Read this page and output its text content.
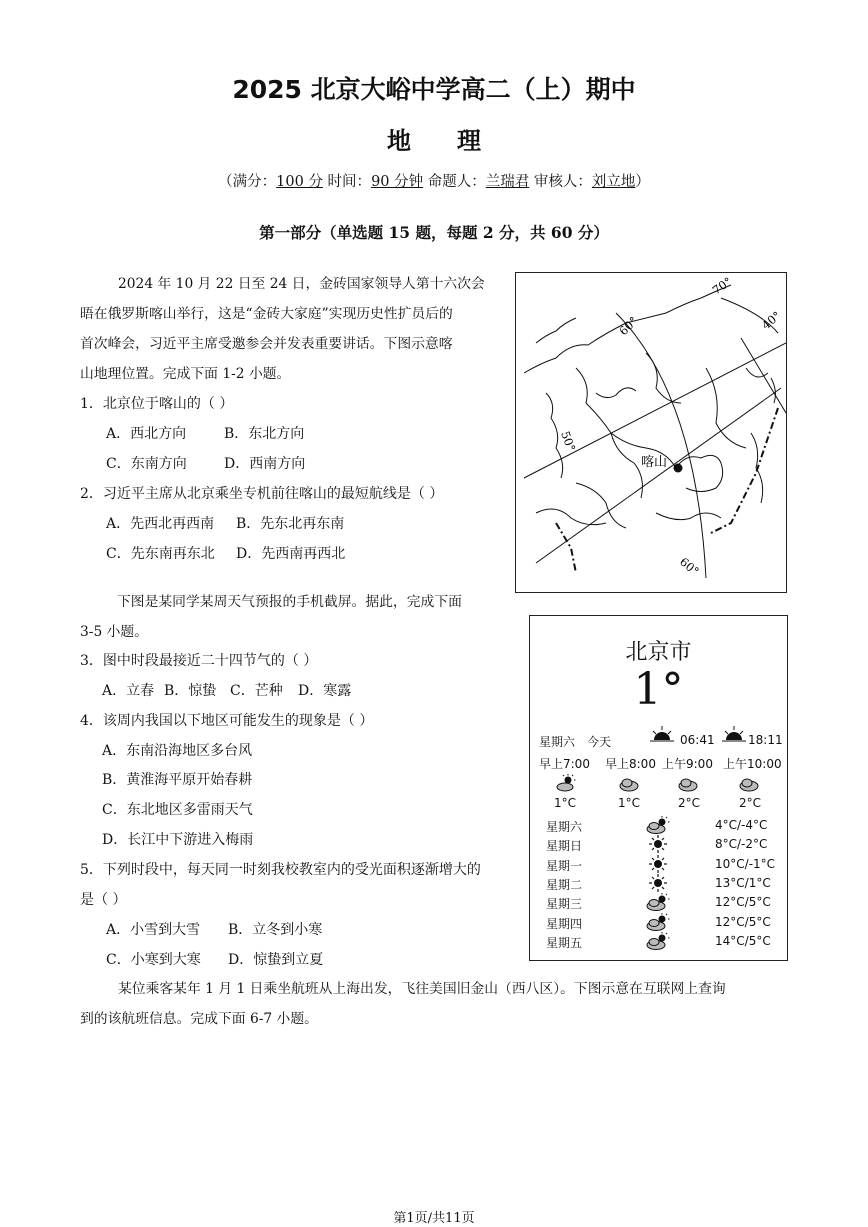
2025 北京大峪中学高二（上）期中
地理
（满分：100 分 时间：90 分钟 命题人：兰瑞君 审核人：刘立地）
第一部分（单选题 15 题，每题 2 分，共 60 分）
2024 年 10 月 22 日至 24 日，金砖国家领导人第十六次会
晤在俄罗斯喀山举行，这是“金砖大家庭”实现历史性扩员后的
首次峰会，习近平主席受邀参会并发表重要讲话。下图示意喀
山地理位置。完成下面 1-2 小题。
1．北京位于喀山的（ ）
A．西北方向	B．东北方向
C．东南方向	D．西南方向
2．习近平主席从北京乘坐专机前往喀山的最短航线是（ ）
A．先西北再西南 B．先东北再东南
C．先东南再东北 D．先西南再西北
喀山
70°
40°
60°
50°
60°
下图是某同学某周天气预报的手机截屏。据此，完成下面
3-5 小题。
3．图中时段最接近二十四节气的（ ）
A．立春 B．惊蛰 C．芒种 D．寒露
4．该周内我国以下地区可能发生的现象是（ ）
A．东南沿海地区多台风
B．黄淮海平原开始春耕
C．东北地区多雷雨天气
D．长江中下游进入梅雨
5．下列时段中，每天同一时刻我校教室内的受光面积逐渐增大的
是（ ）
A．小雪到大雪 B．立冬到小寒
C．小寒到大寒 D．惊蛰到立夏
北京市
1°
星期六 今天	06:41	18:11
早上7:00 早上8:00 上午9:00 上午10:00
1°C	1°C	2°C	2°C
星期六	4°C/-4°C
星期日	8°C/-2°C
星期一	10°C/-1°C
星期二	13°C/1°C
星期三	12°C/5°C
星期四	12°C/5°C
星期五	14°C/5°C
某位乘客某年 1 月 1 日乘坐航班从上海出发，飞往美国旧金山（西八区）。下图示意在互联网上查询
到的该航班信息。完成下面 6-7 小题。
第1页/共11页
